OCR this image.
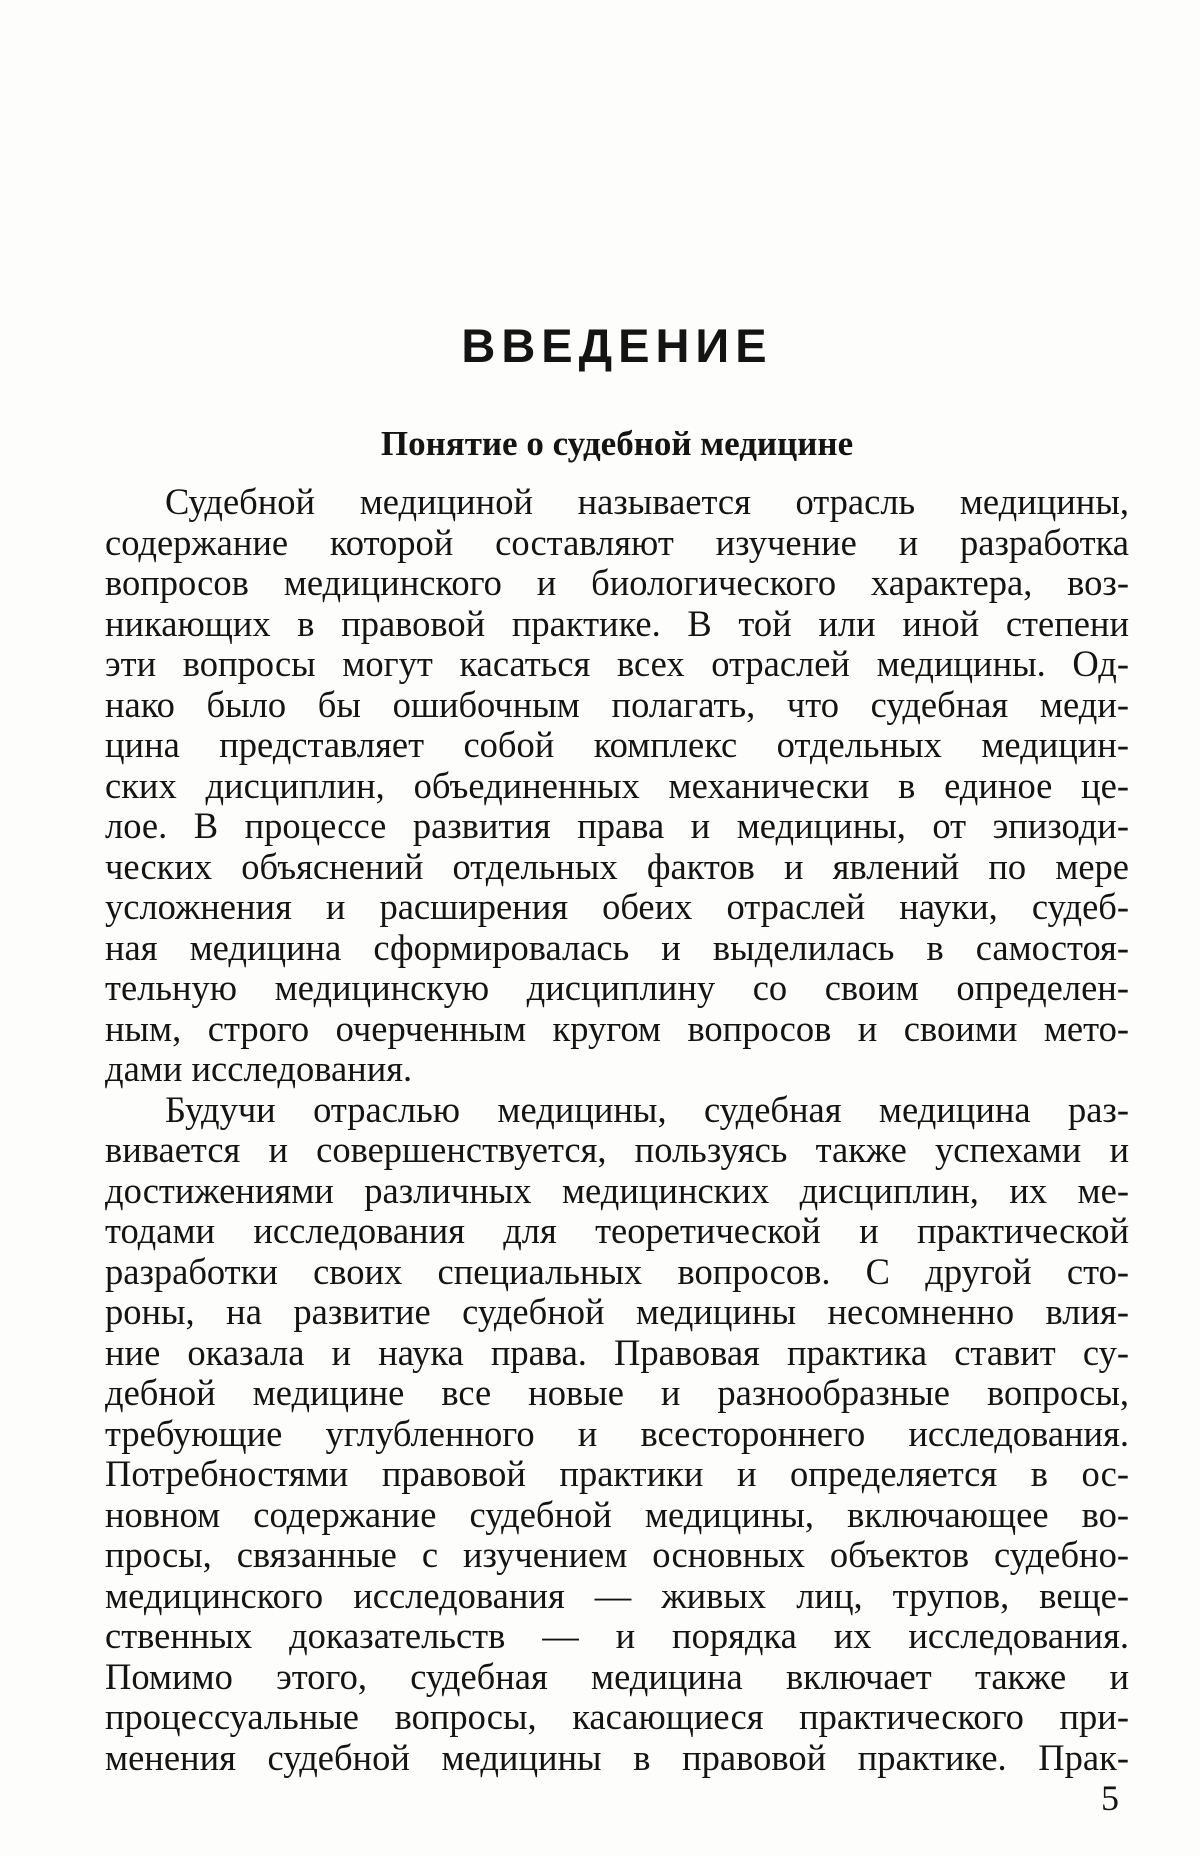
ВВЕДЕНИЕ
Понятие о судебной медицине

Судебной медициной называется отрасль медицины,
содержание которой составляют изучение и разработка
вопросов медицинского и биологического характера, воз-
никающих в правовой практике. В той или иной степени
эти вопросы могут касаться всех отраслей медицины. Од-
нако было бы ошибочным полагать, что судебная меди-
цина представляет собой комплекс отдельных медицин-
ских дисциплин, объединенных механически в единое це-
лое. В процессе развития права и медицины, от эпизоди-
ческих объяснений отдельных фактов и явлений по мере
усложнения и расширения обеих отраслей науки, судеб-
ная медицина сформировалась и выделилась в самостоя-
тельную медицинскую дисциплину со своим определен-
ным, строго очерченным кругом вопросов и своими мето-
дами исследования.

Будучи отраслью медицины, судебная медицина раз-
вивается и совершенствуется, пользуясь также успехами и
достижениями различных медицинских дисциплин, их ме-
тодами исследования для теоретической и практической
разработки своих специальных вопросов. С другой сто-
роны, на развитие судебной медицины несомненно влия-
ние оказала и наука права. Правовая практика ставит су-
дебной медицине все новые и разнообразные вопросы,
требующие углубленного и всестороннего исследования.
Потребностями правовой практики и определяется в ос-
новном содержание судебной медицины, включающее во-
просы, связанные с изучением основных объектов судебно-
медицинского исследования — живых лиц, трупов, веще-
ственных доказательств — и порядка их исследования.
Помимо этого, судебная медицина включает также и
процессуальные вопросы, касающиеся практического при-
менения судебной медицины в правовой практике. Прак-

5
